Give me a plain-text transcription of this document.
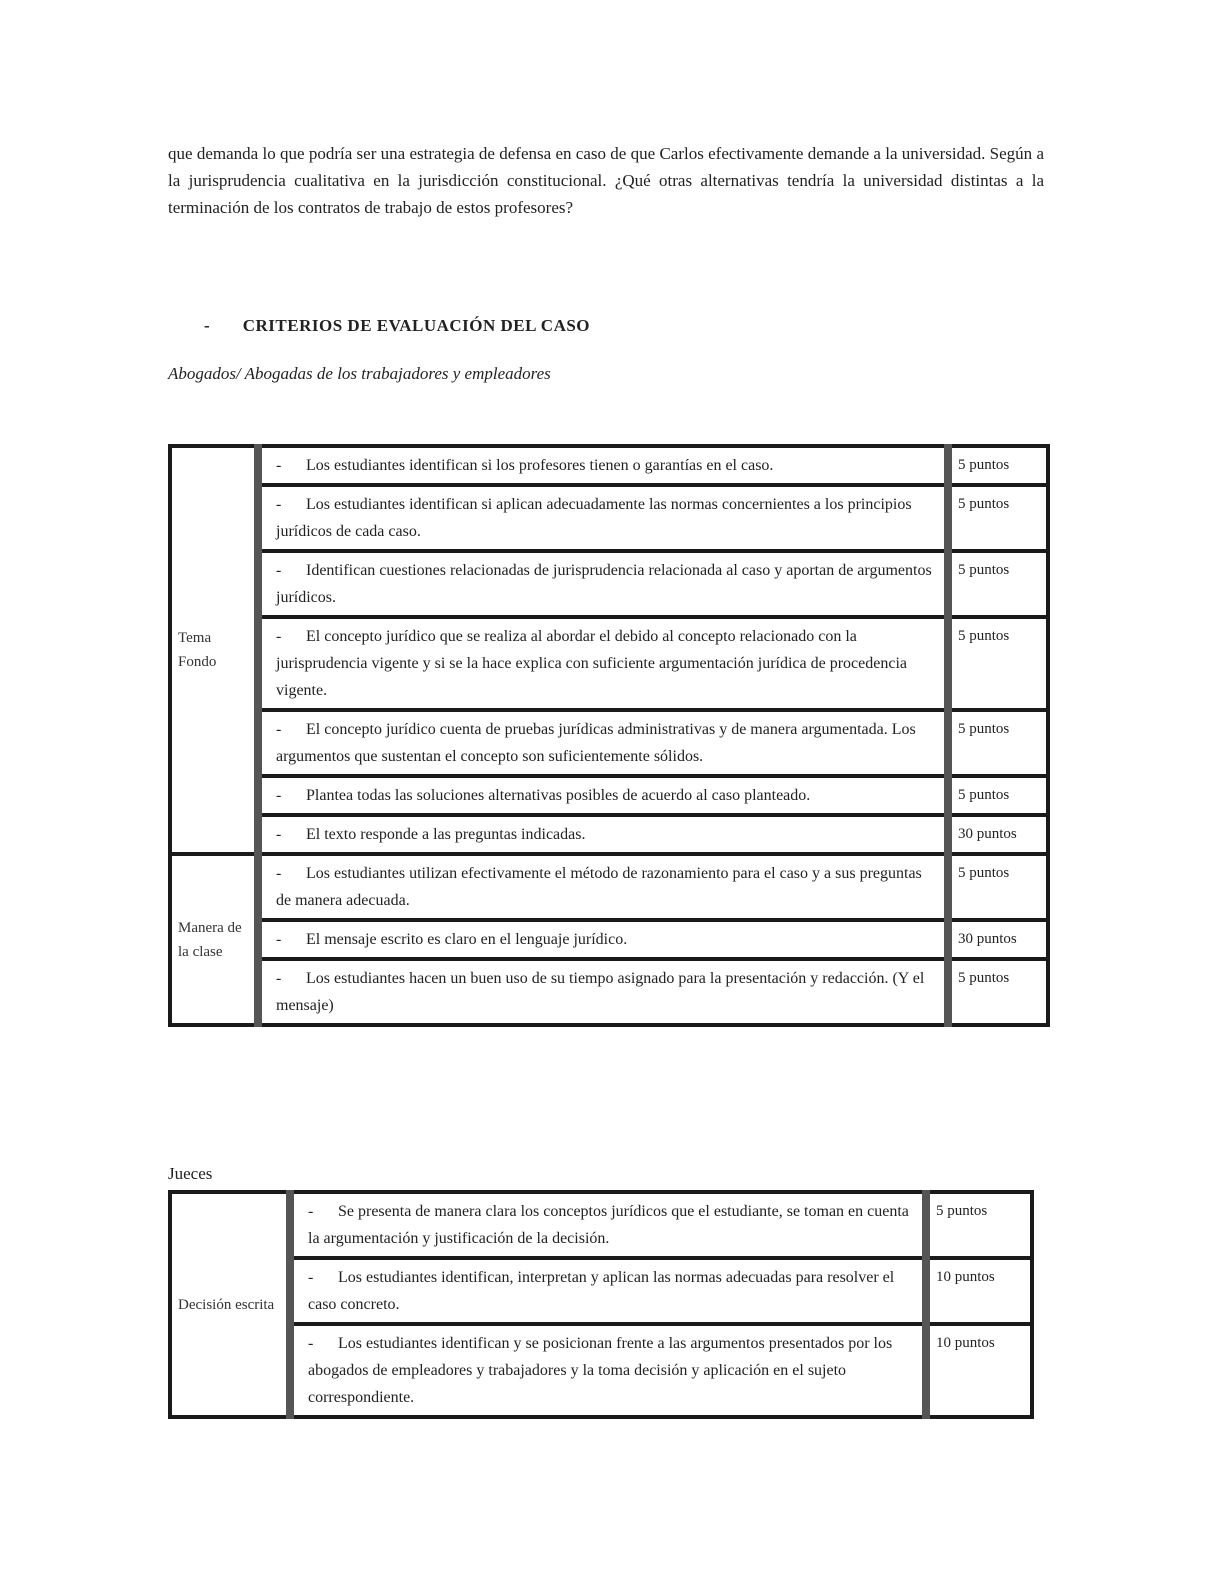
que demanda lo que podría ser una estrategia de defensa en caso de que Carlos efectivamente demande a la universidad. Según a la jurisprudencia cualitativa en la jurisdicción constitucional. ¿Qué otras alternativas tendría la universidad distintas a la terminación de los contratos de trabajo de estos profesores?

- CRITERIOS DE EVALUACIÓN DEL CASO
Abogados/ Abogadas de los trabajadores y empleadores
Tema Fondo	- Los estudiantes identifican si los profesores tienen o garantías en el caso.	5 puntos
	- Los estudiantes identifican si aplican adecuadamente las normas concernientes a los principios jurídicos de cada caso.	5 puntos
	- Identifican cuestiones relacionadas de jurisprudencia relacionada al caso y aportan de argumentos jurídicos.	5 puntos
	- El concepto jurídico que se realiza al abordar el debido al concepto relacionado con la jurisprudencia vigente y si se la hace explica con suficiente argumentación jurídica de procedencia vigente.	5 puntos
	- El concepto jurídico cuenta de pruebas jurídicas administrativas y de manera argumentada. Los argumentos que sustentan el concepto son suficientemente sólidos.	5 puntos
	- Plantea todas las soluciones alternativas posibles de acuerdo al caso planteado.	5 puntos
	- El texto responde a las preguntas indicadas.	30 puntos
Manera de la clase	- Los estudiantes utilizan efectivamente el método de razonamiento para el caso y a sus preguntas de manera adecuada.	5 puntos
	- El mensaje escrito es claro en el lenguaje jurídico.	30 puntos
	- Los estudiantes hacen un buen uso de su tiempo asignado para la presentación y redacción. (Y el mensaje)	5 puntos
Jueces
Decisión escrita	- Se presenta de manera clara los conceptos jurídicos que el estudiante, se toman en cuenta la argumentación y justificación de la decisión.	5 puntos
	- Los estudiantes identifican, interpretan y aplican las normas adecuadas para resolver el caso concreto.	10 puntos
	- Los estudiantes identifican y se posicionan frente a las argumentos presentados por los abogados de empleadores y trabajadores y la toma decisión y aplicación en el sujeto correspondiente.	10 puntos
